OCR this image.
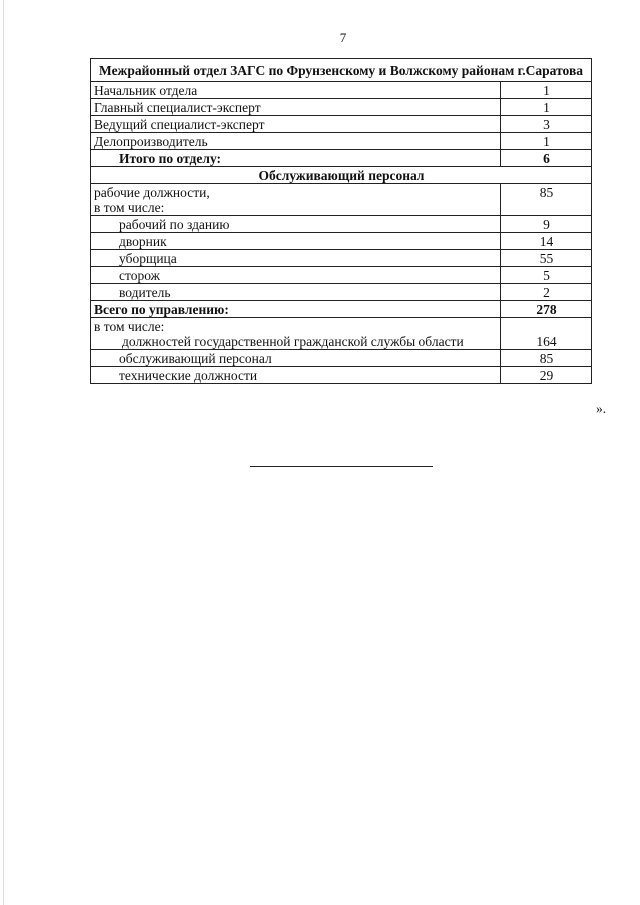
7
Межрайонный отдел ЗАГС по Фрунзенскому и Волжскому районам г.Саратова	
Начальник отдела	1
Главный специалист-эксперт	1
Ведущий специалист-эксперт	3
Делопроизводитель	1
Итого по отделу:	6
Обслуживающий персонал	

рабочие должности,
в том числе:	85
рабочий по зданию	9
дворник	14
уборщица	55
сторож	5
водитель	2
Всего по управлению:	278

в том числе:
должностей государственной гражданской службы области	164
обслуживающий персонал	85
технические должности	29
».
